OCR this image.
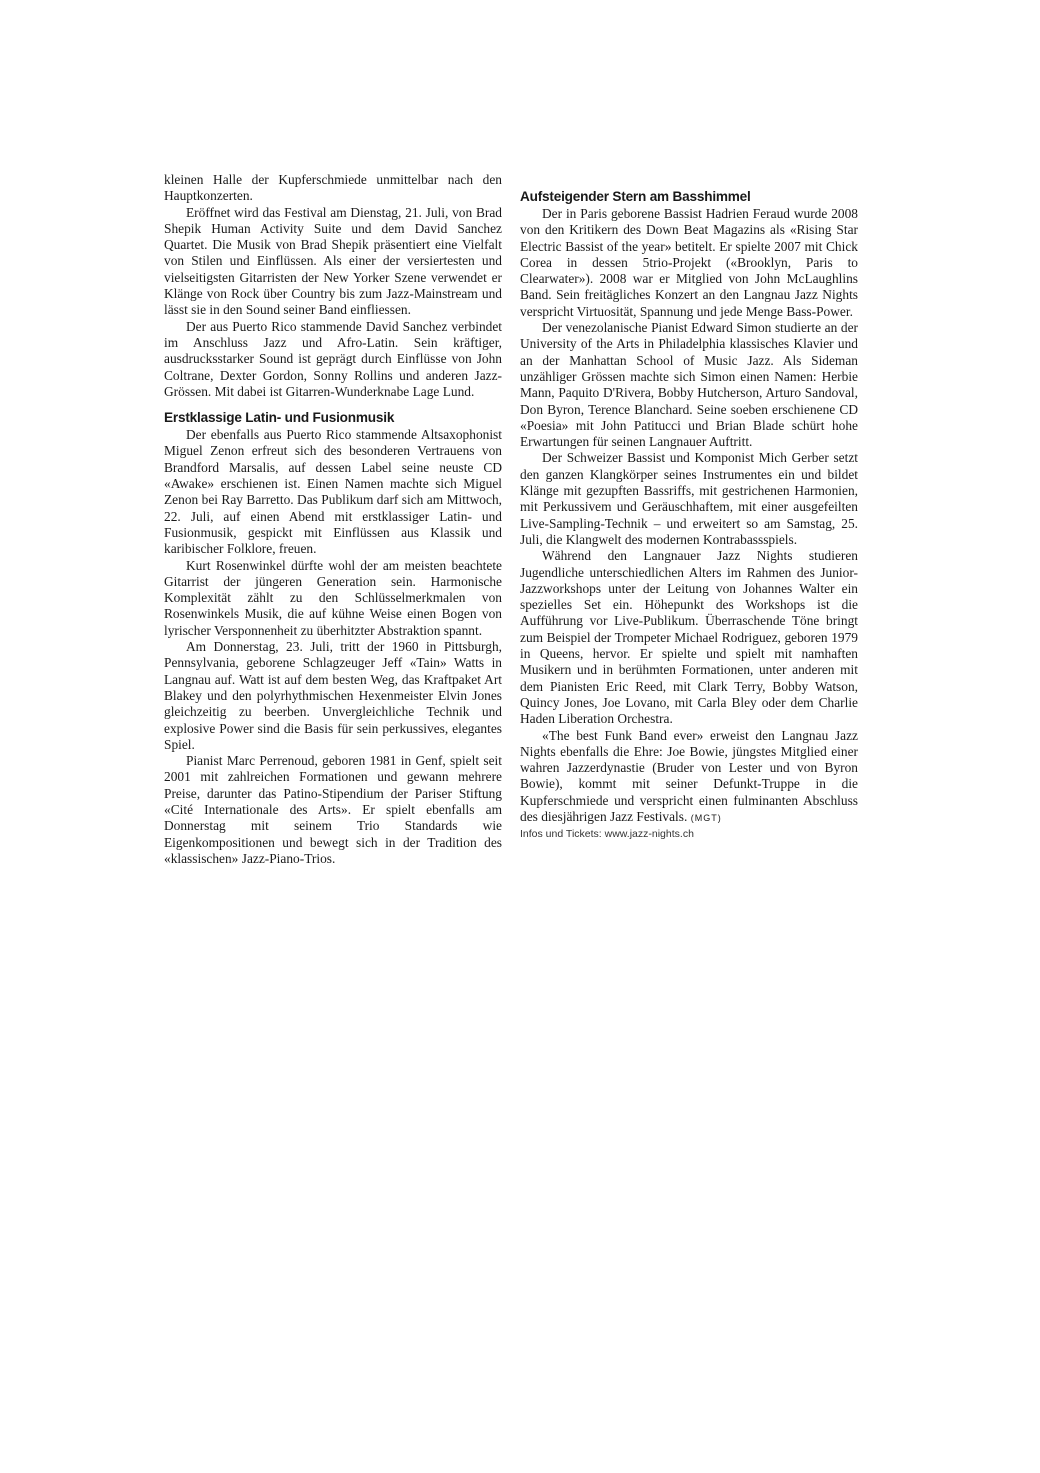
kleinen Halle der Kupferschmiede unmittelbar nach den Hauptkonzerten.

Eröffnet wird das Festival am Dienstag, 21. Juli, von Brad Shepik Human Activity Suite und dem David Sanchez Quartet. Die Musik von Brad Shepik präsentiert eine Vielfalt von Stilen und Einflüssen. Als einer der versiertesten und vielseitigsten Gitarristen der New Yorker Szene verwendet er Klänge von Rock über Country bis zum Jazz-Mainstream und lässt sie in den Sound seiner Band einfliessen.

Der aus Puerto Rico stammende David Sanchez verbindet im Anschluss Jazz und Afro-Latin. Sein kräftiger, ausdrucksstarker Sound ist geprägt durch Einflüsse von John Coltrane, Dexter Gordon, Sonny Rollins und anderen Jazz-Grössen. Mit dabei ist Gitarren-Wunderknabe Lage Lund.

Erstklassige Latin- und Fusionmusik

Der ebenfalls aus Puerto Rico stammende Altsaxophonist Miguel Zenon erfreut sich des besonderen Vertrauens von Brandford Marsalis, auf dessen Label seine neuste CD «Awake» erschienen ist. Einen Namen machte sich Miguel Zenon bei Ray Barretto. Das Publikum darf sich am Mittwoch, 22. Juli, auf einen Abend mit erstklassiger Latin- und Fusionmusik, gespickt mit Einflüssen aus Klassik und karibischer Folklore, freuen.

Kurt Rosenwinkel dürfte wohl der am meisten beachtete Gitarrist der jüngeren Generation sein. Harmonische Komplexität zählt zu den Schlüsselmerkmalen von Rosenwinkels Musik, die auf kühne Weise einen Bogen von lyrischer Versponnenheit zu überhitzter Abstraktion spannt.

Am Donnerstag, 23. Juli, tritt der 1960 in Pittsburgh, Pennsylvania, geborene Schlagzeuger Jeff «Tain» Watts in Langnau auf. Watt ist auf dem besten Weg, das Kraftpaket Art Blakey und den polyrhythmischen Hexenmeister Elvin Jones gleichzeitig zu beerben. Unvergleichliche Technik und explosive Power sind die Basis für sein perkussives, elegantes Spiel.

Pianist Marc Perrenoud, geboren 1981 in Genf, spielt seit 2001 mit zahlreichen Formationen und gewann mehrere Preise, darunter das Patino-Stipendium der Pariser Stiftung «Cité Internationale des Arts». Er spielt ebenfalls am Donnerstag mit seinem Trio Standards wie Eigenkompositionen und bewegt sich in der Tradition des «klassischen» Jazz-Piano-Trios.

Aufsteigender Stern am Basshimmel

Der in Paris geborene Bassist Hadrien Feraud wurde 2008 von den Kritikern des Down Beat Magazins als «Rising Star Electric Bassist of the year» betitelt. Er spielte 2007 mit Chick Corea in dessen 5trio-Projekt («Brooklyn, Paris to Clearwater»). 2008 war er Mitglied von John McLaughlins Band. Sein freitägliches Konzert an den Langnau Jazz Nights verspricht Virtuosität, Spannung und jede Menge Bass-Power.

Der venezolanische Pianist Edward Simon studierte an der University of the Arts in Philadelphia klassisches Klavier und an der Manhattan School of Music Jazz. Als Sideman unzähliger Grössen machte sich Simon einen Namen: Herbie Mann, Paquito D'Rivera, Bobby Hutcherson, Arturo Sandoval, Don Byron, Terence Blanchard. Seine soeben erschienene CD «Poesia» mit John Patitucci und Brian Blade schürt hohe Erwartungen für seinen Langnauer Auftritt.

Der Schweizer Bassist und Komponist Mich Gerber setzt den ganzen Klangkörper seines Instrumentes ein und bildet Klänge mit gezupften Bassriffs, mit gestrichenen Harmonien, mit Perkussivem und Geräuschhaftem, mit einer ausgefeilten Live-Sampling-Technik – und erweitert so am Samstag, 25. Juli, die Klangwelt des modernen Kontrabassspiels.

Während den Langnauer Jazz Nights studieren Jugendliche unterschiedlichen Alters im Rahmen des Junior-Jazzworkshops unter der Leitung von Johannes Walter ein spezielles Set ein. Höhepunkt des Workshops ist die Aufführung vor Live-Publikum. Überraschende Töne bringt zum Beispiel der Trompeter Michael Rodriguez, geboren 1979 in Queens, hervor. Er spielte und spielt mit namhaften Musikern und in berühmten Formationen, unter anderen mit dem Pianisten Eric Reed, mit Clark Terry, Bobby Watson, Quincy Jones, Joe Lovano, mit Carla Bley oder dem Charlie Haden Liberation Orchestra.

«The best Funk Band ever» erweist den Langnau Jazz Nights ebenfalls die Ehre: Joe Bowie, jüngstes Mitglied einer wahren Jazzerdynastie (Bruder von Lester und von Byron Bowie), kommt mit seiner Defunkt-Truppe in die Kupferschmiede und verspricht einen fulminanten Abschluss des diesjährigen Jazz Festivals. (MGT)

Infos und Tickets: www.jazz-nights.ch
